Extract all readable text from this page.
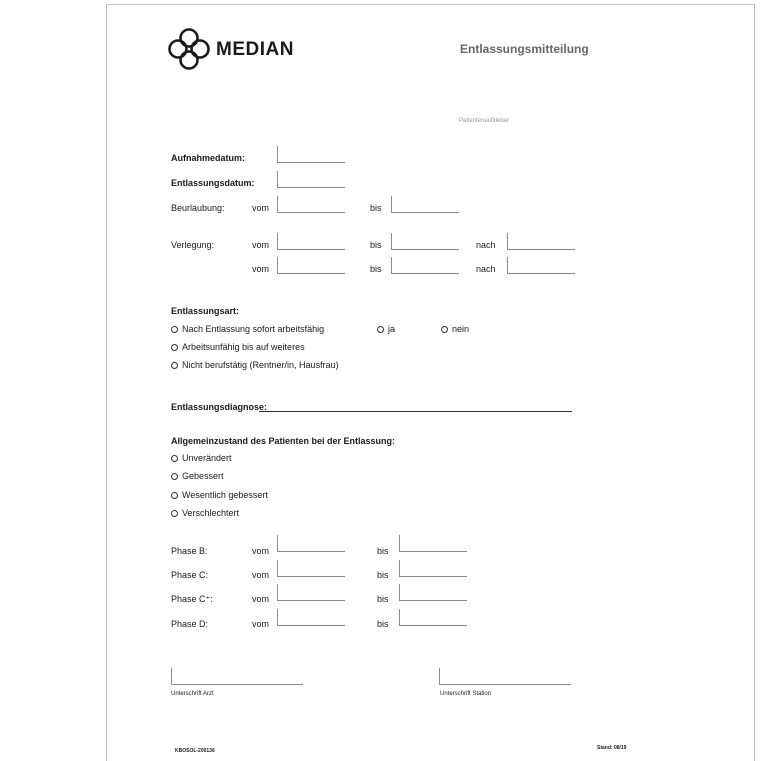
MEDIAN	Entlassungsmitteilung
Patientenaufkleber
Aufnahmedatum:
Entlassungsdatum:
Beurlaubung:	vom	bis
Verlegung:	vom	bis	nach
vom	bis	nach
Entlassungsart:
Nach Entlassung sofort arbeitsfähig	ja	nein
Arbeitsunfähig bis auf weiteres
Nicht berufstätig (Rentner/in, Hausfrau)
Entlassungsdiagnose:
Allgemeinzustand des Patienten bei der Entlassung:
Unverändert
Gebessert
Wesentlich gebessert
Verschlechtert
Phase B:	vom	bis
Phase C:	vom	bis
Phase C⁺:	vom	bis
Phase D:	vom	bis
Unterschrift Arzt	Unterschrift Station
KBOSOL-200136	Stand: 08/19
